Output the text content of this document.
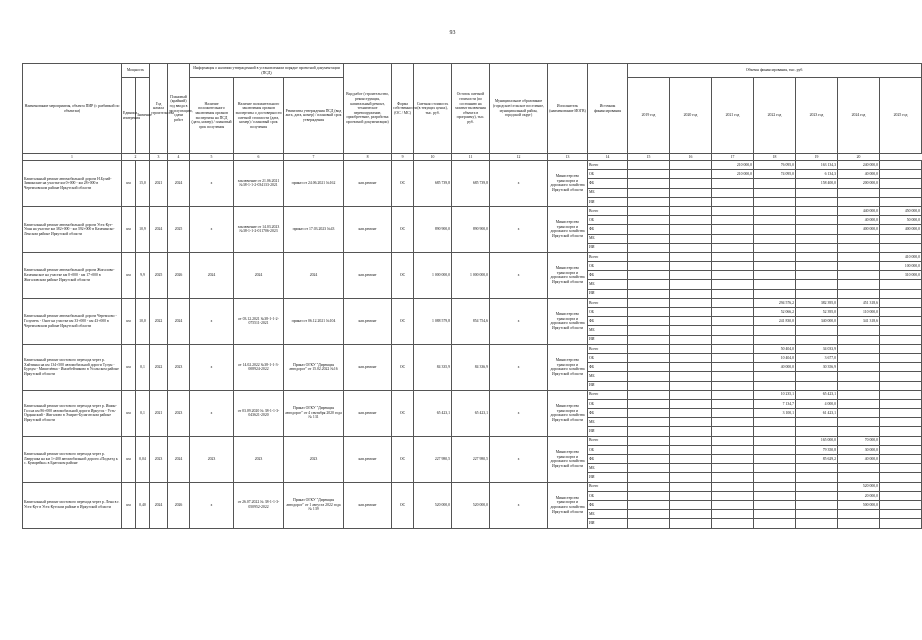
93
Наименование мероприятия, объекта ПИР (с разбивкой по объектам)	Мощность		Год начала строительства	Плановый (крайний) год ввода в эксплуатацию, сдачи работ	Информация о наличии утвержденной в установленном порядке проектной документации (ПСД)			Вид работ (строительство, реконструкция, капитальный ремонт, техническое перевооружение, приобретение, разработка проектной документации)	Форма собственности (ОС / МС)	Сметная стоимость (в текущих ценах), тыс. руб.	Остаток сметной стоимости (по состоянию на момент включения объекта в программу), тыс. руб.	Муниципальное образование (городское/сельское поселение, муниципальный район, городской округ)	Исполнитель (наименование ИОГВ)	Источник финансирования	Объемы финансирования, тыс. руб.						
	Единица измерения	Значение			Наличие положительного заключения органов экспертизы на ПСД (дата, номер) / плановый срок получения	Наличие положительного заключения органов экспертизы о достоверности сметной стоимости (дата, номер) / плановый срок получения	Реквизиты утверждения ПСД (вид акта, дата, номер) / плановый срок утверждения								2019 год	2020 год	2021 год	2022 год	2023 год	2024 год	2025 год
1	2		3	4	5	6	7	8	9	10	11	12	13	14	15	16	17	18	19	20	
Капитальный ремонт автомобильной дороги Н.Булай-Зиминские на участке км 0+000 - км 28+000 в Черемховском районе Иркутской области	км	15,0	2021	2024	х	заключение от 21.06.2021 №38-1-1-2-034133-2021	приказ от 24.06.2021 №162	кап.ремонт	ОС	685 739,8	685 739,8	х	Министерство транспорта и дорожного хозяйства Иркутской области	Всего			210 000,0	76 095,0	163 134,3	240 000,0	
														ОБ			210 000,0	74 095,0	6 134,3	40 000,0	
														ФБ					158 400,0	200 000,0	
														МБ							
														ИИ							
Капитальный ремонт автомобильной дороги Усть-Кут-Уоян на участке км 382+000 - км 392+000 в Казачинско-Ленском районе Иркутской области	км	10,9	2024	2025	х	заключение от 14.03.2023 №38-1-1-2-011706-2023	приказ от 17.03.2023 №43	кап.ремонт	ОС	890 900,0	890 900,0	х	Министерство транспорта и дорожного хозяйства Иркутской области	Всего						440 000,0	450 000,0
														ОБ						40 000,0	50 000,0
														ФБ						400 000,0	400 000,0
														МБ							
														ИИ							
Капитальный ремонт автомобильной дороги Жигалово-Казачинское на участке км 0+000 - км 17+000 в Жигаловском районе Иркутской области	км	9,9	2025	2026	2024	2024	2024	кап.ремонт	ОС	1 000 000,0	1 000 000,0	х	Министерство транспорта и дорожного хозяйства Иркутской области	Всего							410 000,0
														ОБ							100 000,0
														ФБ							310 000,0
														МБ							
														ИИ							
Капитальный ремонт автомобильной дороги Черемхово - Голуметь - Онот на участке км 33+000 - км 43+000 в Черемховском районе Иркутской области	км	10,0	2022	2024	х	от 03.12.2021 №38-1-1-2-075511-2021	приказ от 06.12.2021 №104	кап.ремонт	ОС	1 088 579,8	854 754,6	х	Министерство транспорта и дорожного хозяйства Иркутской области	Всего				294 576,2	382 395,0	451 318,6	
														ОБ				52 066,2	52 395,0	110 000,0	
														ФБ				241 830,0	340 000,0	341 318,6	
														МБ							
														ИИ							
Капитальный ремонт мостового перехода через р. Хайтинка на км 134+500 автомобильной дороги Тулун - Бурхун - Мишелёвка - Инсибейчиково в Усольском районе Иркутской области	км	0,1	2022	2023	х	от 14.02.2022 №38-1-1-3-008924-2022	Приказ ОГКУ "Дирекция автодорог" от 15.02.2022 №16	кап.ремонт	ОС	84 335,9	84 336,9	х	Министерство транспорта и дорожного хозяйства Иркутской области	Всего				50 404,0	34 033,9		
														ОБ				10 404,0	3 677,0		
														ФБ				40 000,0	30 356,9		
														МБ							
														ИИ							
Капитальный ремонт мостового перехода через р. Ишин-Гол на км 86+000 автомобильной дороги Иркутск - Усть-Ордынский - Жигалово в Эхирит-Булагатском районе Иркутской области	км	0,1	2021	2023	х	от 03.09.2020 № 38-1-1-3-043621-2020	Приказ ОГКУ "Дирекция автодорог" от 4 сентября 2020 года № 131	кап.ремонт	ОС	65 423,1	65 423,1	х	Министерство транспорта и дорожного хозяйства Иркутской области	Всего				10 235,1	65 423,1		
														ОБ				7 134,7	4 000,0		
														ФБ				3 100,1	61 423,1		
														МБ							
														ИИ							
Капитальный ремонт мостового перехода через р. Лаврушка на км 1+400 автомобильной дороги «Подъезд к с. Кумарейка» в Братском районе	км	0,04	2023	2024	2023	2023	2023	кап.ремонт	ОС	227 980,5	227 980,5	х	Министерство транспорта и дорожного хозяйства Иркутской области	Всего					165 000,0	70 000,0	
														ОБ					79 350,8	30 000,0	
														ФБ					85 629,2	40 000,0	
														МБ							
														ИИ							
Капитальный ремонт мостового перехода через р. Лена в г. Усть-Кут в Усть-Кутском районе в Иркутской области	км	0,40	2024	2026	х	от 26.07.2022 № 38-1-1-3-050952-2022	Приказ ОГКУ "Дирекция автодорог" от 1 августа 2022 года № 139	кап.ремонт	ОС	520 000,0	520 000,0	х	Министерство транспорта и дорожного хозяйства Иркутской области	Всего						520 000,0	
														ОБ						20 000,0	
														ФБ						500 000,0	
														МБ							
														ИИ							
